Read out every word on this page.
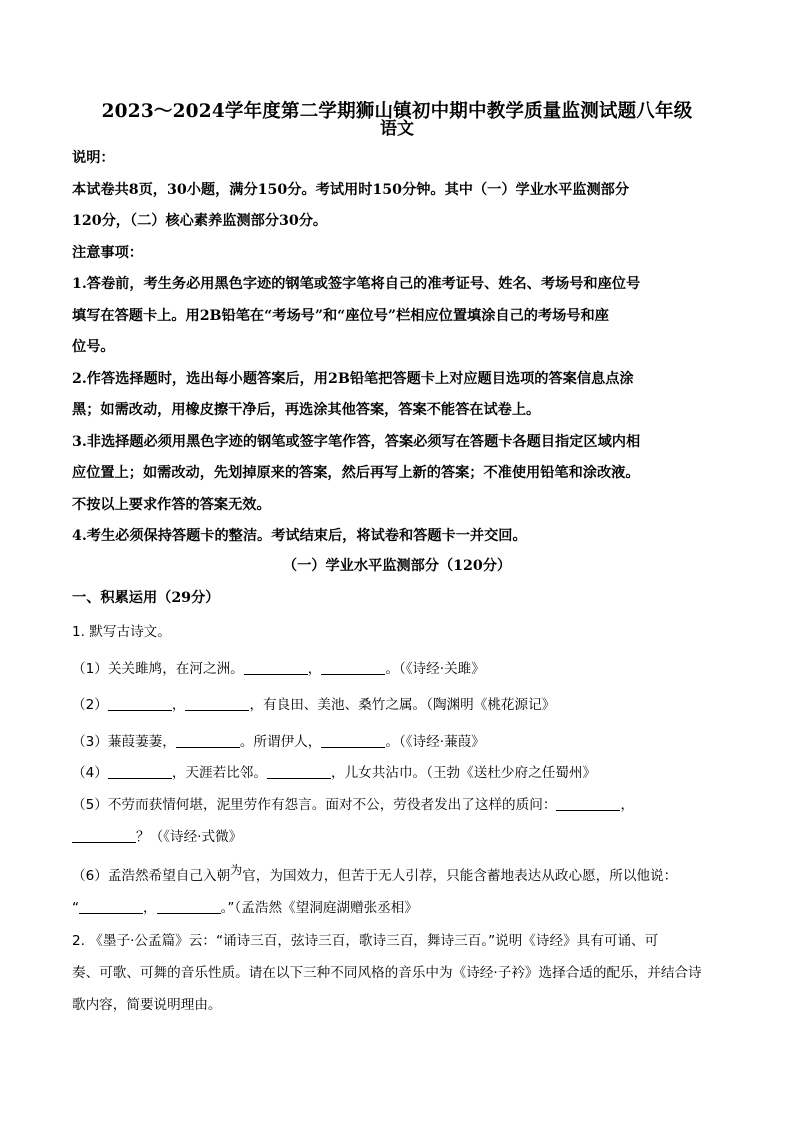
2023～2024学年度第二学期狮山镇初中期中教学质量监测试题八年级
语文
说明：
本试卷共8页，30小题，满分150分。考试用时150分钟。其中（一）学业水平监测部分
120分，（二）核心素养监测部分30分。
注意事项：
1.答卷前，考生务必用黑色字迹的钢笔或签字笔将自己的准考证号、姓名、考场号和座位号
填写在答题卡上。用2B铅笔在“考场号”和“座位号”栏相应位置填涂自己的考场号和座
位号。
2.作答选择题时，选出每小题答案后，用2B铅笔把答题卡上对应题目选项的答案信息点涂
黑；如需改动，用橡皮擦干净后，再选涂其他答案，答案不能答在试卷上。
3.非选择题必须用黑色字迹的钢笔或签字笔作答，答案必须写在答题卡各题目指定区域内相
应位置上；如需改动，先划掉原来的答案，然后再写上新的答案；不准使用铅笔和涂改液。
不按以上要求作答的答案无效。
4.考生必须保持答题卡的整洁。考试结束后，将试卷和答题卡一并交回。
（一）学业水平监测部分（120分）
一、积累运用（29分）
1. 默写古诗文。
（1）关关雎鸠，在河之洲。	，	。（《诗经·关雎》
（2）	，	，有良田、美池、桑竹之属。（陶渊明《桃花源记》
（3）蒹葭萋萋，	。所谓伊人，	。（《诗经·蒹葭》
（4）	，天涯若比邻。	，儿女共沾巾。（王勃《送杜少府之任蜀州》
（5）不劳而获情何堪，泥里劳作有怨言。面对不公，劳役者发出了这样的质问：	，
？（《诗经·式微》
（6）孟浩然希望自己入朝为官，为国效力，但苦于无人引荐，只能含蓄地表达从政心愿，所以他说：
“	，	。”（孟浩然《望洞庭湖赠张丞相》
2. 《墨子·公孟篇》云：“诵诗三百，弦诗三百，歌诗三百，舞诗三百。”说明《诗经》具有可诵、可
奏、可歌、可舞的音乐性质。请在以下三种不同风格的音乐中为《诗经·子衿》选择合适的配乐，并结合诗
歌内容，简要说明理由。
